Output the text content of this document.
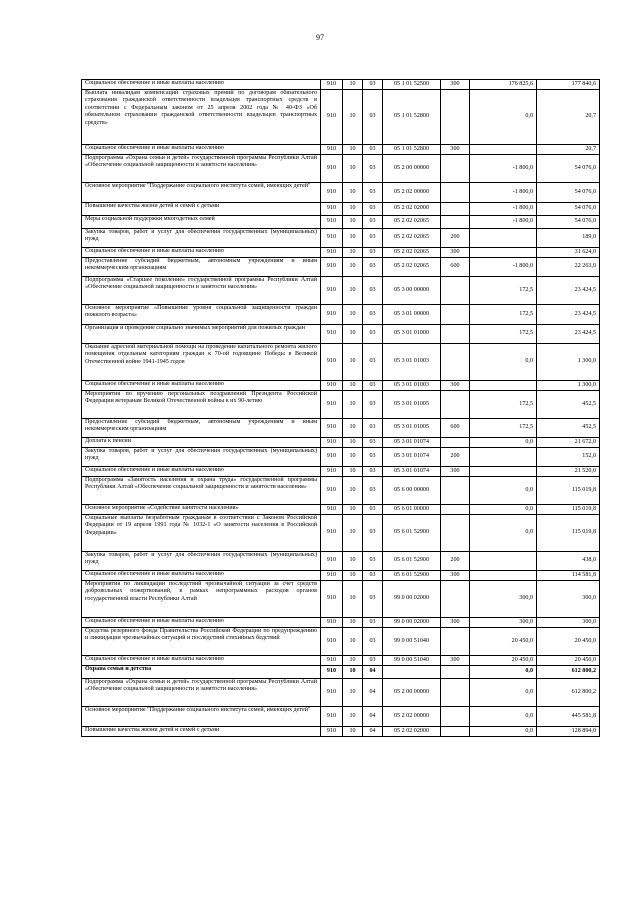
97
Социальное обеспечение и иные выплаты населению	910	10	03	05 1 01 52500	300	176 825,6	177 840,6
Выплата инвалидам компенсаций страховых премий по договорам обязательного страхования гражданской ответственности владельцев транспортных средств в соответствии с Федеральным законом от 25 апреля 2002 года № 40-ФЗ «Об обязательном страховании гражданской ответственности владельцев транспортных средств»	910	10	03	05 1 01 52800		0,0	20,7
Социальное обеспечение и иные выплаты населению	910	10	03	05 1 01 52800	300		20,7
Подпрограмма «Охрана семьи и детей» государственной программы Республики Алтай «Обеспечение социальной защищенности и занятости населения»	910	10	03	05 2 00 00000		-1 800,0	54 076,0
Основное мероприятие "Поддержание социального института семей, имеющих детей"	910	10	03	05 2 02 00000		-1 800,0	54 076,0
Повышение качества жизни детей и семей с детьми	910	10	03	05 2 02 02000		-1 800,0	54 076,0
Меры социальной поддержки многодетных семей	910	10	03	05 2 02 02065		-1 800,0	54 076,0
Закупка товаров, работ и услуг для обеспечения государственных (муниципальных) нужд	910	10	03	05 2 02 02065	200		189,0
Социальное обеспечение и иные выплаты населению	910	10	03	05 2 02 02065	300		31 624,0
Предоставление субсидий бюджетным, автономным учреждениям и иным некоммерческим организациям	910	10	03	05 2 02 02065	600	-1 800,0	22 263,0
Подпрограмма «Старшее поколение» государственной программы Республики Алтай «Обеспечение социальной защищенности и занятости населения»	910	10	03	05 3 00 00000		172,5	23 424,5
Основное мероприятие «Повышение уровня социальной защищенности граждан пожилого возраста»	910	10	03	05 3 01 00000		172,5	23 424,5
Организация и проведение социально значимых мероприятий для пожилых граждан	910	10	03	05 3 01 01000		172,5	23 424,5
Оказание адресной материальной помощи на проведение капитального ремонта жилого помещения отдельным категориям граждан к 70-ой годовщине Победы в Великой Отечественной войне 1941-1945 годов	910	10	03	05 3 01 01003		0,0	1 300,0
Социальное обеспечение и иные выплаты населению	910	10	03	05 3 01 01003	300		1 300,0
Мероприятия по вручению персональных поздравлений Президента Российской Федерации ветеранам Великой Отечественной войны к их 90-летию	910	10	03	05 3 01 01005		172,5	452,5
Предоставление субсидий бюджетным, автономным учреждениям и иным некоммерческим организациям	910	10	03	05 3 01 01005	600	172,5	452,5
Доплата к пенсии	910	10	03	05 3 01 01074		0,0	21 672,0
Закупка товаров, работ и услуг для обеспечения государственных (муниципальных) нужд	910	10	03	05 3 01 01074	200		152,0
Социальное обеспечение и иные выплаты населению	910	10	03	05 3 01 01074	300		21 520,0
Подпрограмма «Занятость населения и охрана труда» государственной программы Республики Алтай «Обеспечение социальной защищенности и занятости населения»	910	10	03	05 6 00 00000		0,0	115 019,8
Основное мероприятие «Содействие занятости населения»	910	10	03	05 6 01 00000		0,0	115 019,8
Социальные выплаты безработным гражданам в соответствии с Законом Российской Федерации от 19 апреля 1991 года № 1032-1 «О занятости населения в Российской Федерации»	910	10	03	05 6 01 52900		0,0	115 019,8
Закупка товаров, работ и услуг для обеспечения государственных (муниципальных) нужд	910	10	03	05 6 01 52900	200		438,0
Социальное обеспечение и иные выплаты населению	910	10	03	05 6 01 52900	300		114 581,8
Мероприятия по ликвидации последствий чрезвычайной ситуации за счет средств добровольных пожертвований, в рамках непрограммных расходов органов государственной власти Республики Алтай	910	10	03	99 0 00 02000		300,0	300,0
Социальное обеспечение и иные выплаты населению	910	10	03	99 0 00 02000	300	300,0	300,0
Средства резервного фонда Правительства Российской Федерации по предупреждению и ликвидации чрезвычайных ситуаций и последствий стихийных бедствий	910	10	03	99 0 00 51040		20 450,0	20 450,0
Социальное обеспечение и иные выплаты населению	910	10	03	99 0 00 51040	300	20 450,0	20 450,0
Охрана семьи и детства	910	10	04			0,0	612 800,2
Подпрограмма «Охрана семьи и детей» государственной программы Республики Алтай «Обеспечение социальной защищенности и занятости населения»	910	10	04	05 2 00 00000		0,0	612 800,2
Основное мероприятие "Поддержание социального института семей, имеющих детей"	910	10	04	05 2 02 00000		0,0	445 581,8
Повышение качества жизни детей и семей с детьми	910	10	04	05 2 02 02000		0,0	128 894,0
